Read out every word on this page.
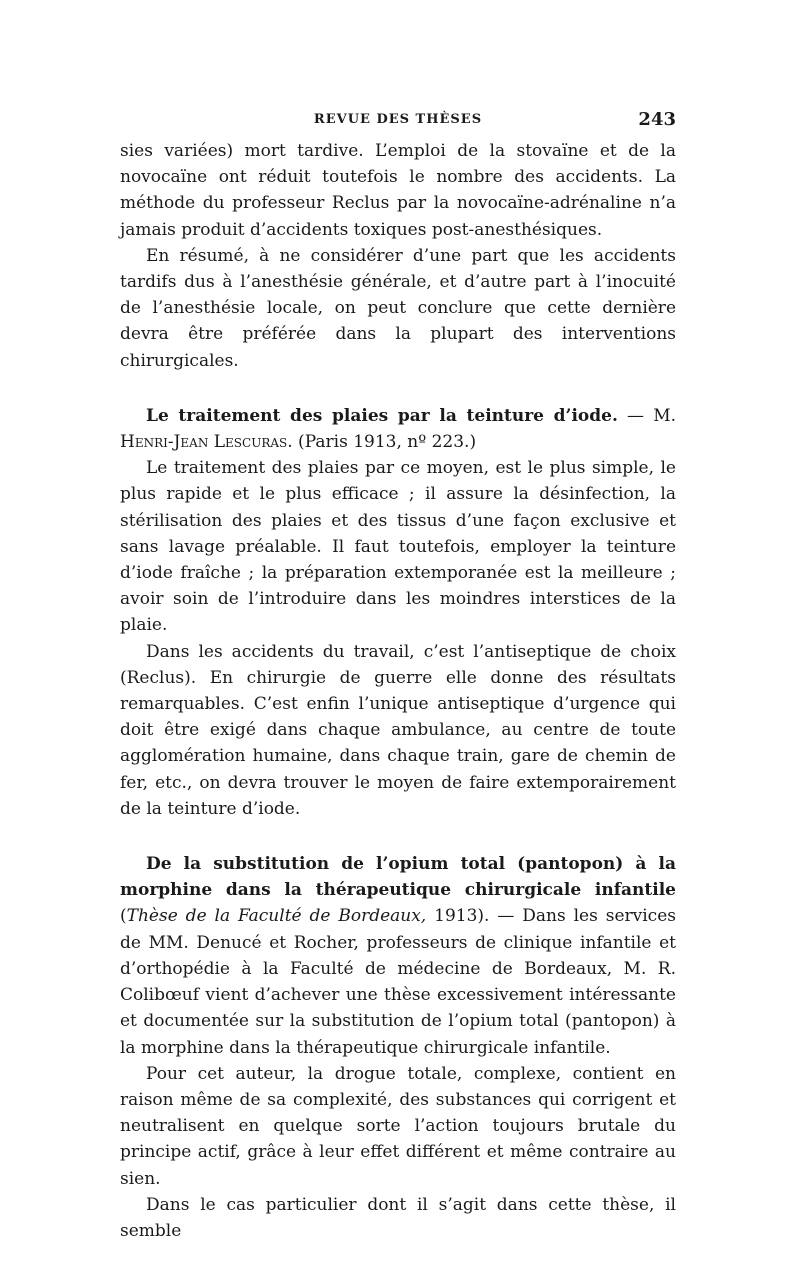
REVUE DES THÈSES	243

sies variées) mort tardive. L’emploi de la stovaïne et de la novocaïne ont réduit toutefois le nombre des accidents. La méthode du professeur Reclus par la novocaïne-adrénaline n’a jamais produit d’accidents toxiques post-anesthésiques.

En résumé, à ne considérer d’une part que les accidents tardifs dus à l’anesthésie générale, et d’autre part à l’inocuité de l’anesthésie locale, on peut conclure que cette dernière devra être préférée dans la plupart des interventions chirurgicales.

Le traitement des plaies par la teinture d’iode. — M. Henri-Jean Lescuras. (Paris 1913, nº 223.)

Le traitement des plaies par ce moyen, est le plus simple, le plus rapide et le plus efficace ; il assure la désinfection, la stérilisation des plaies et des tissus d’une façon exclusive et sans lavage préalable. Il faut toutefois, employer la teinture d’iode fraîche ; la préparation extemporanée est la meilleure ; avoir soin de l’introduire dans les moindres interstices de la plaie.

Dans les accidents du travail, c’est l’antiseptique de choix (Reclus). En chirurgie de guerre elle donne des résultats remarquables. C’est enfin l’unique antiseptique d’urgence qui doit être exigé dans chaque ambulance, au centre de toute agglomération humaine, dans chaque train, gare de chemin de fer, etc., on devra trouver le moyen de faire extemporairement de la teinture d’iode.

De la substitution de l’opium total (pantopon) à la morphine dans la thérapeutique chirurgicale infantile (Thèse de la Faculté de Bordeaux, 1913). — Dans les services de MM. Denucé et Rocher, professeurs de clinique infantile et d’orthopédie à la Faculté de médecine de Bordeaux, M. R. Colibœuf vient d’achever une thèse excessivement intéressante et documentée sur la substitution de l’opium total (pantopon) à la morphine dans la thérapeutique chirurgicale infantile.

Pour cet auteur, la drogue totale, complexe, contient en raison même de sa complexité, des substances qui corrigent et neutralisent en quelque sorte l’action toujours brutale du principe actif, grâce à leur effet différent et même contraire au sien.

Dans le cas particulier dont il s’agit dans cette thèse, il semble
